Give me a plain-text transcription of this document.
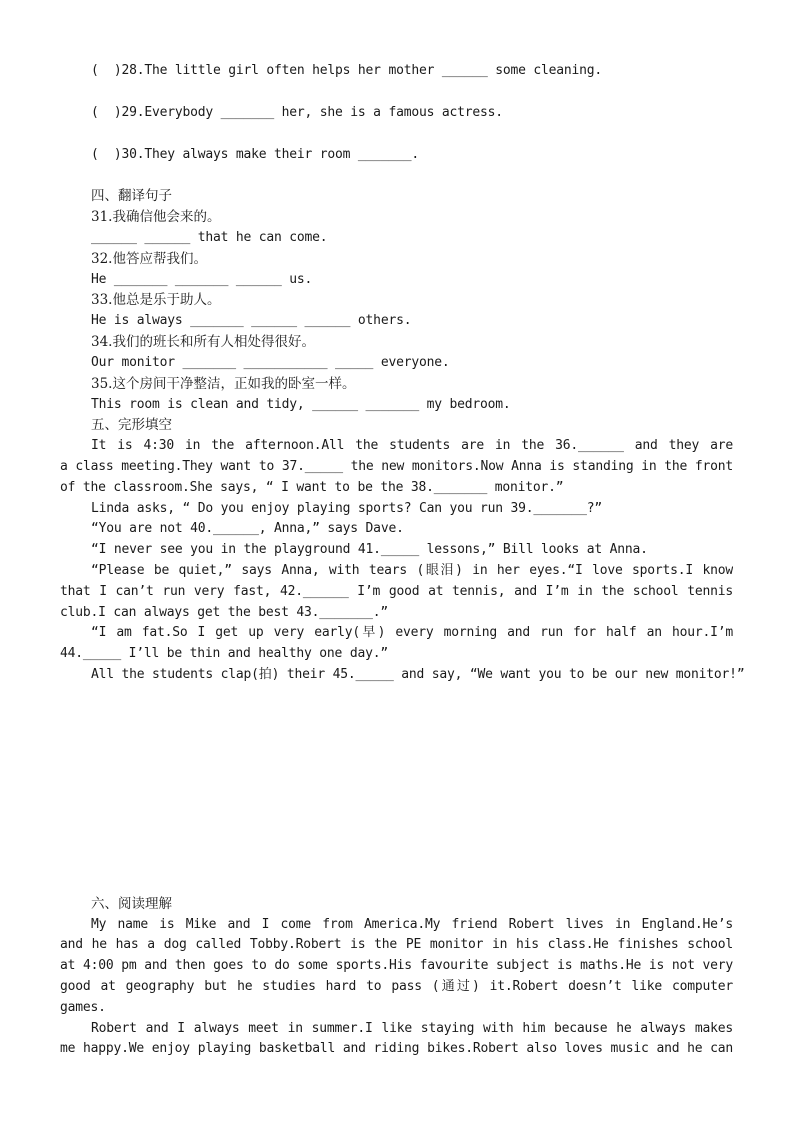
(  )28.The little girl often helps her mother ______ some cleaning.

(  )29.Everybody _______ her, she is a famous actress.

(  )30.They always make their room _______.

四、翻译句子
31.我确信他会来的。
______ ______ that he can come.
32.他答应帮我们。
He _______ _______ ______ us.
33.他总是乐于助人。
He is always _______ ______ ______ others.
34.我们的班长和所有人相处得很好。
Our monitor _______ ___________ _____ everyone.
35.这个房间干净整洁，正如我的卧室一样。
This room is clean and tidy, ______ _______ my bedroom.
五、完形填空
It is 4:30 in the afternoon.All the students are in the 36.______ and they are
a class meeting.They want to 37._____ the new monitors.Now Anna is standing in the front
of the classroom.She says, “ I want to be the 38._______ monitor.”
Linda asks, “ Do you enjoy playing sports? Can you run 39._______?”
“You are not 40.______, Anna,” says Dave.
“I never see you in the playground 41._____ lessons,” Bill looks at Anna.
“Please be quiet,” says Anna, with tears (眼泪) in her eyes.“I love sports.I know
that I can’t run very fast, 42.______ I’m good at tennis, and I’m in the school tennis
club.I can always get the best 43._______.”
“I am fat.So I get up very early(早) every morning and run for half an hour.I’m
44._____ I’ll be thin and healthy one day.”
All the students clap(拍) their 45._____ and say, “We want you to be our new monitor!”

六、阅读理解
My name is Mike and I come from America.My friend Robert lives in England.He’s
and he has a dog called Tobby.Robert is the PE monitor in his class.He finishes school
at 4:00 pm and then goes to do some sports.His favourite subject is maths.He is not very
good at geography but he studies hard to pass (通过) it.Robert doesn’t like computer
games.
Robert and I always meet in summer.I like staying with him because he always makes
me happy.We enjoy playing basketball and riding bikes.Robert also loves music and he can
